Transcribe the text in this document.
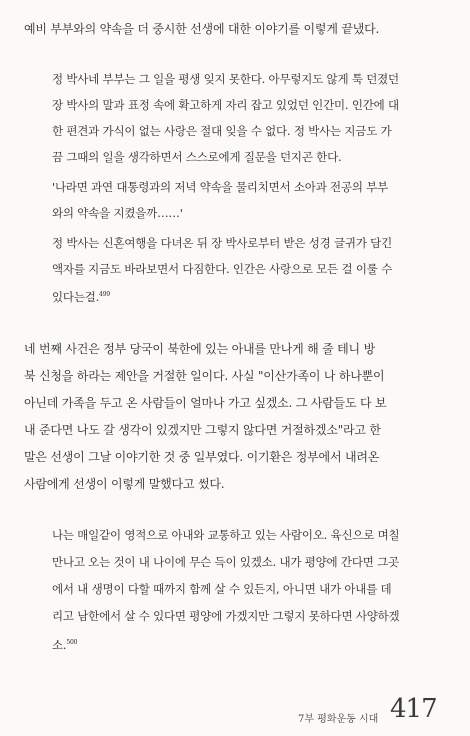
예비 부부와의 약속을 더 중시한 선생에 대한 이야기를 이렇게 끝냈다.
정 박사네 부부는 그 일을 평생 잊지 못한다. 아무렇지도 않게 툭 던졌던
장 박사의 말과 표정 속에 확고하게 자리 잡고 있었던 인간미. 인간에 대
한 편견과 가식이 없는 사랑은 절대 잊을 수 없다. 정 박사는 지금도 가
끔 그때의 일을 생각하면서 스스로에게 질문을 던지곤 한다.
'나라면 과연 대통령과의 저녁 약속을 물리치면서 소아과 전공의 부부
와의 약속을 지켰을까……'
정 박사는 신혼여행을 다녀온 뒤 장 박사로부터 받은 성경 글귀가 담긴
액자를 지금도 바라보면서 다짐한다. 인간은 사랑으로 모든 걸 이룰 수
있다는걸.$^{499}$
네 번째 사건은 정부 당국이 북한에 있는 아내를 만나게 해 줄 테니 방
북 신청을 하라는 제안을 거절한 일이다. 사실 "이산가족이 나 하나뿐이
아닌데 가족을 두고 온 사람들이 얼마나 가고 싶겠소. 그 사람들도 다 보
내 준다면 나도 갈 생각이 있겠지만 그렇지 않다면 거절하겠소"라고 한
말은 선생이 그날 이야기한 것 중 일부였다. 이기환은 정부에서 내려온
사람에게 선생이 이렇게 말했다고 썼다.
나는 매일같이 영적으로 아내와 교통하고 있는 사람이오. 육신으로 며칠
만나고 오는 것이 내 나이에 무슨 득이 있겠소. 내가 평양에 간다면 그곳
에서 내 생명이 다할 때까지 함께 살 수 있든지, 아니면 내가 아내를 데
리고 남한에서 살 수 있다면 평양에 가겠지만 그렇지 못하다면 사양하겠
소.$^{500}$
7부 평화운동 시대 417
